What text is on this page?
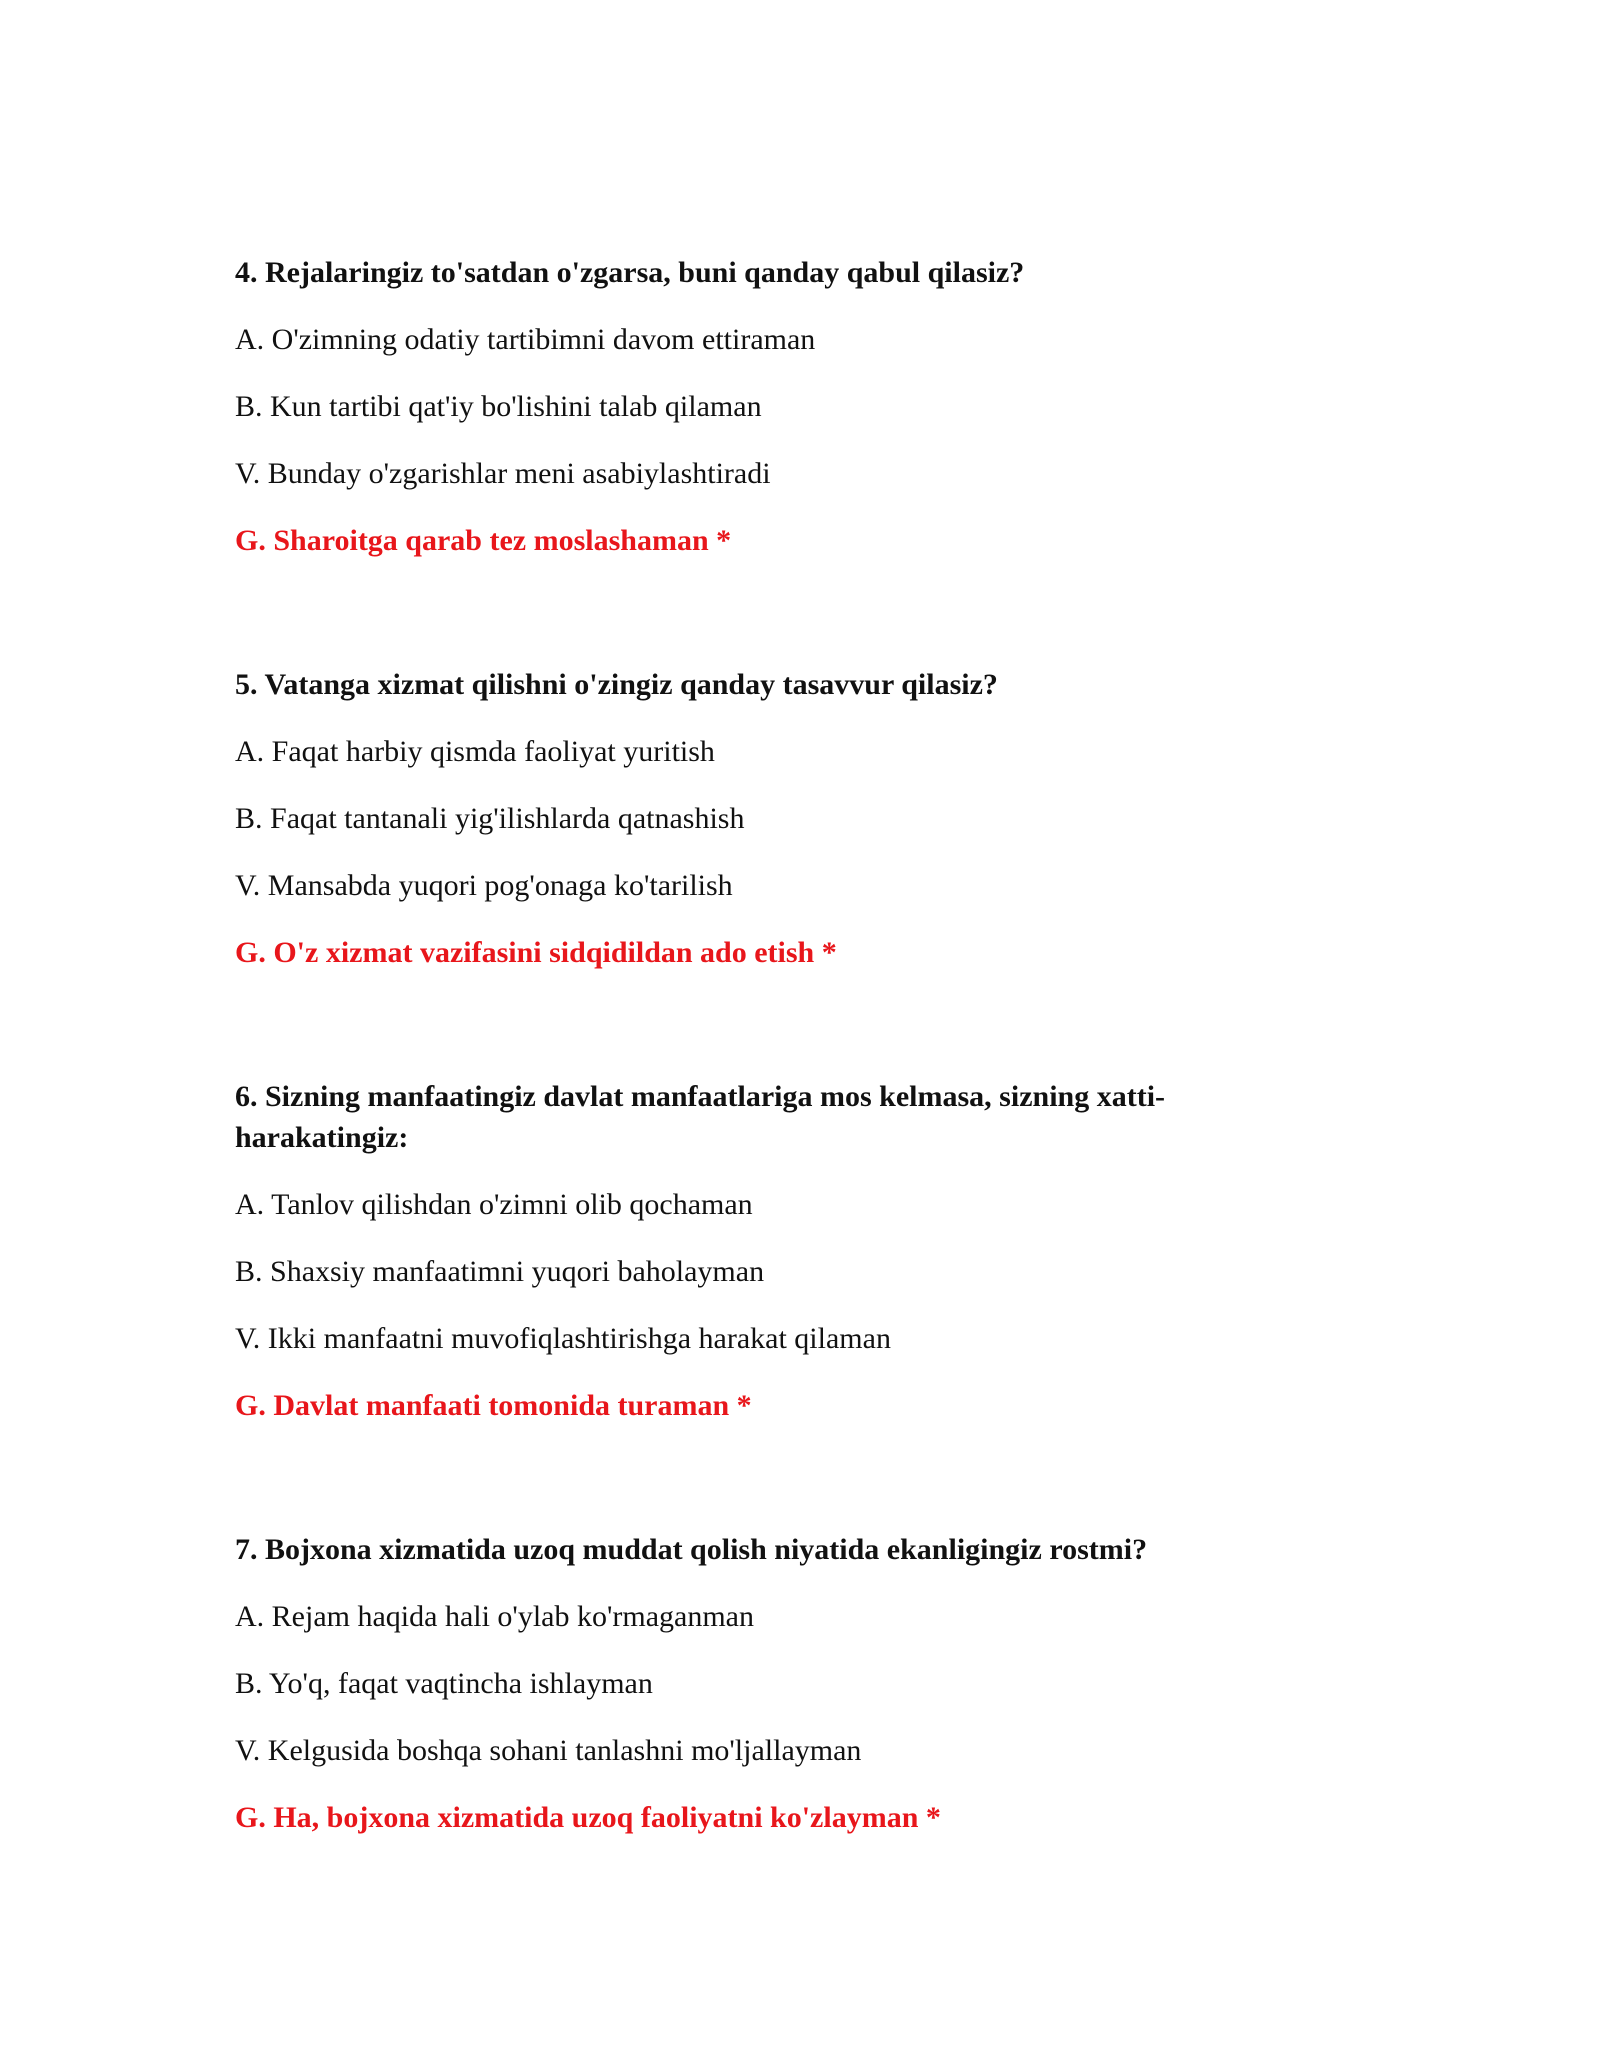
4. Rejalaringiz to'satdan o'zgarsa, buni qanday qabul qilasiz?

A. O'zimning odatiy tartibimni davom ettiraman

B. Kun tartibi qat'iy bo'lishini talab qilaman

V. Bunday o'zgarishlar meni asabiylashtiradi

G. Sharoitga qarab tez moslashaman *

5. Vatanga xizmat qilishni o'zingiz qanday tasavvur qilasiz?

A. Faqat harbiy qismda faoliyat yuritish

B. Faqat tantanali yig'ilishlarda qatnashish

V. Mansabda yuqori pog'onaga ko'tarilish

G. O'z xizmat vazifasini sidqidildan ado etish *

6. Sizning manfaatingiz davlat manfaatlariga mos kelmasa, sizning xatti-harakatingiz:

A. Tanlov qilishdan o'zimni olib qochaman

B. Shaxsiy manfaatimni yuqori baholayman

V. Ikki manfaatni muvofiqlashtirishga harakat qilaman

G. Davlat manfaati tomonida turaman *

7. Bojxona xizmatida uzoq muddat qolish niyatida ekanligingiz rostmi?

A. Rejam haqida hali o'ylab ko'rmaganman

B. Yo'q, faqat vaqtincha ishlayman

V. Kelgusida boshqa sohani tanlashni mo'ljallayman

G. Ha, bojxona xizmatida uzoq faoliyatni ko'zlayman *
